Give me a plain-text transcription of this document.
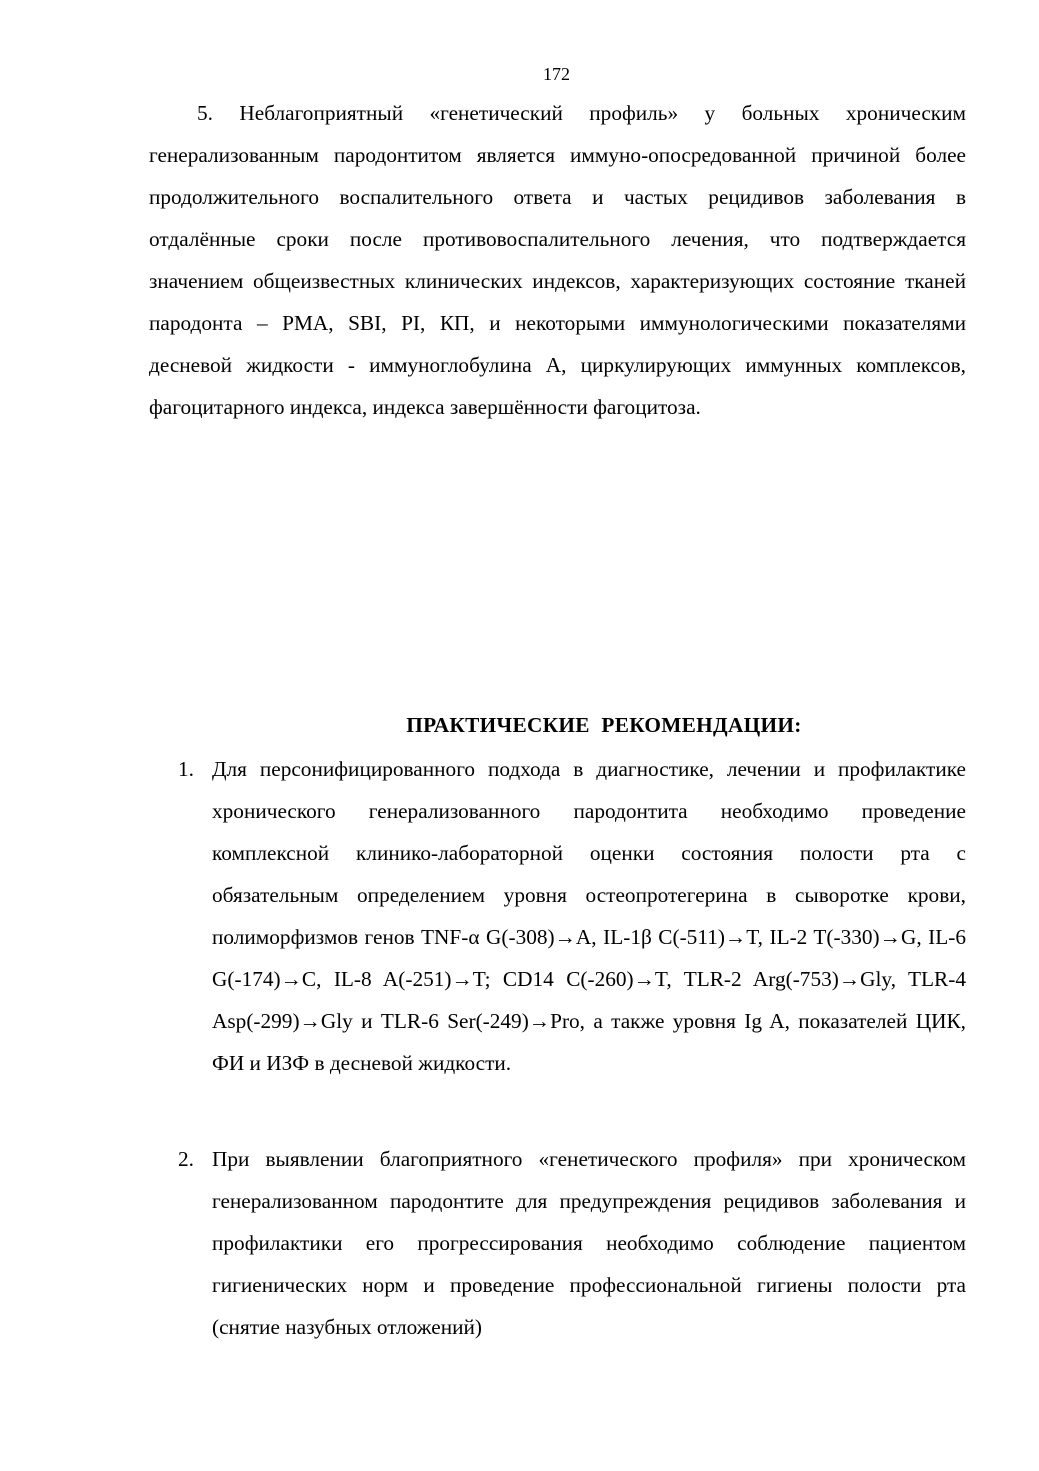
172

5. Неблагоприятный «генетический профиль» у больных хроническим генерализованным пародонтитом является иммуно-опосредованной причиной более продолжительного воспалительного ответа и частых рецидивов заболевания в отдалённые сроки после противовоспалительного лечения, что подтверждается значением общеизвестных клинических индексов, характеризующих состояние тканей пародонта – РМА, SBI, PI, КП, и некоторыми иммунологическими показателями десневой жидкости - иммуноглобулина А, циркулирующих иммунных комплексов, фагоцитарного индекса, индекса завершённости фагоцитоза.

ПРАКТИЧЕСКИЕ РЕКОМЕНДАЦИИ:
1. Для персонифицированного подхода в диагностике, лечении и профилактике хронического генерализованного пародонтита необходимо проведение комплексной клинико-лабораторной оценки состояния полости рта с обязательным определением уровня остеопротегерина в сыворотке крови, полиморфизмов генов TNF-α G(-308)→A, IL-1β C(-511)→T, IL-2 T(-330)→G, IL-6 G(-174)→C, IL-8 A(-251)→T; CD14 C(-260)→T, TLR-2 Arg(-753)→Gly, TLR-4 Asp(-299)→Gly и TLR-6 Ser(-249)→Pro, а также уровня Ig A, показателей ЦИК, ФИ и ИЗФ в десневой жидкости.
2. При выявлении благоприятного «генетического профиля» при хроническом генерализованном пародонтите для предупреждения рецидивов заболевания и профилактики его прогрессирования необходимо соблюдение пациентом гигиенических норм и проведение профессиональной гигиены полости рта (снятие назубных отложений)
